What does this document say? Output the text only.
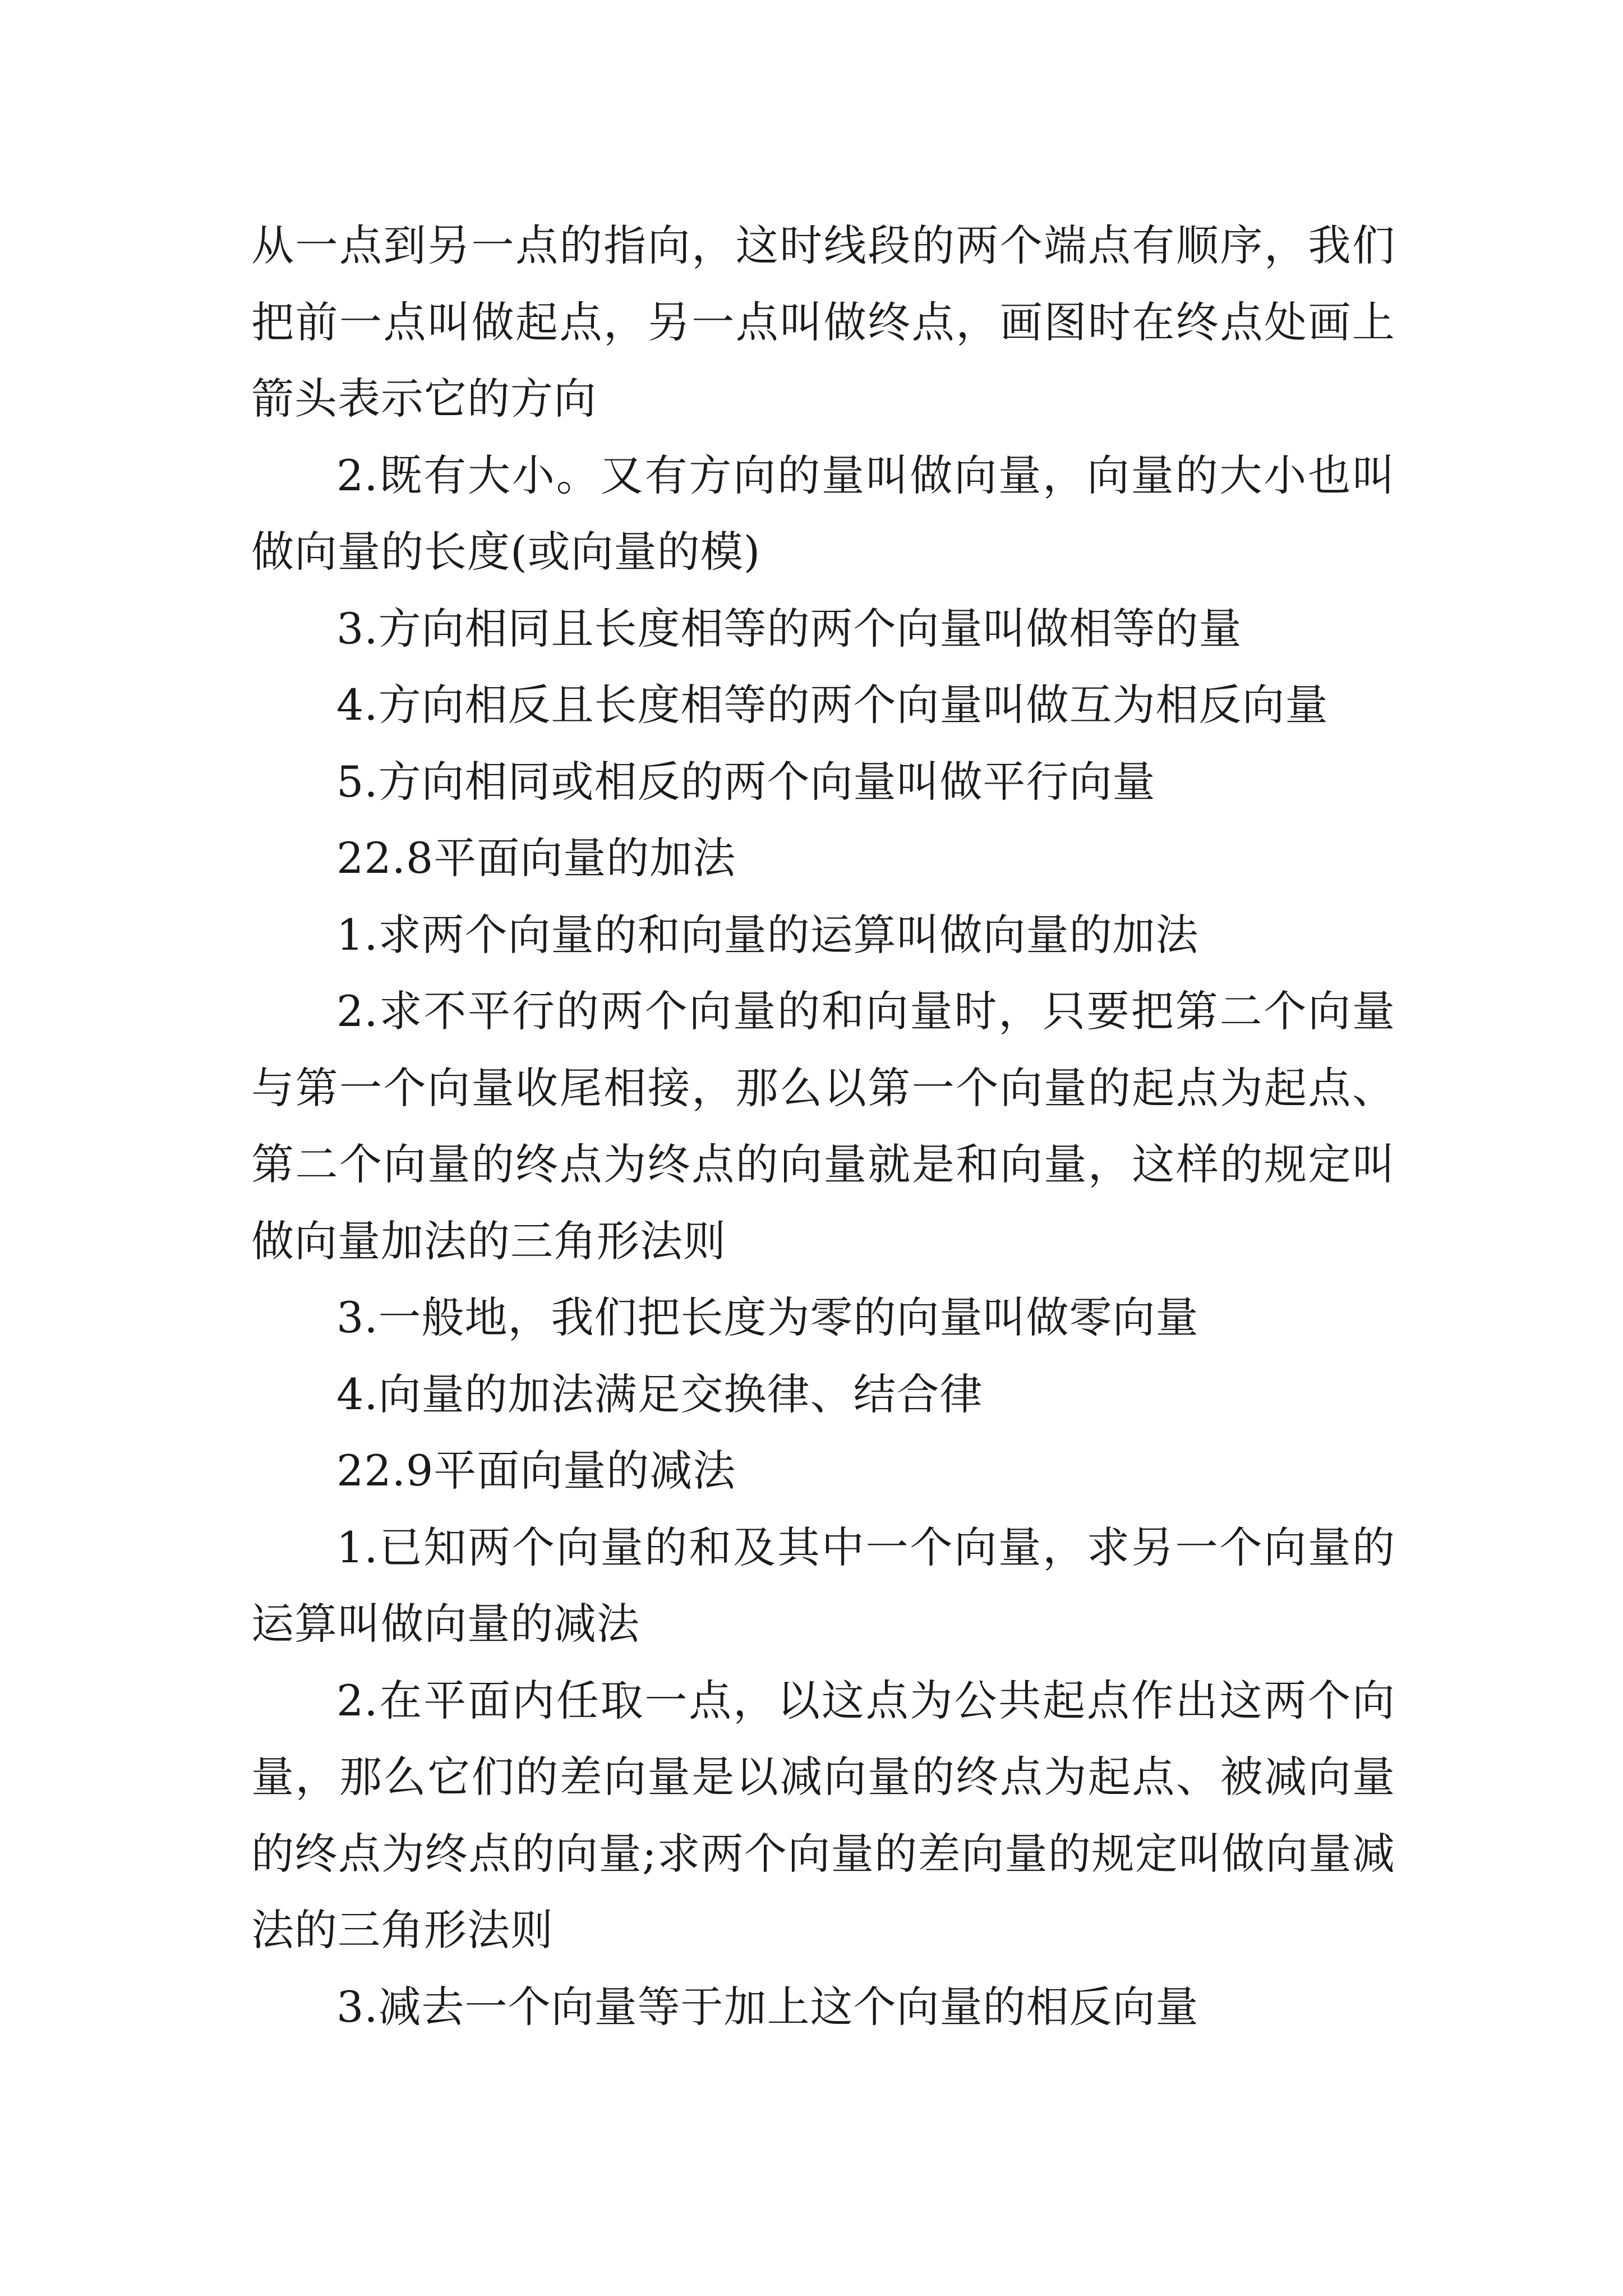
从一点到另一点的指向，这时线段的两个端点有顺序，我们把前一点叫做起点，另一点叫做终点，画图时在终点处画上箭头表示它的方向

2.既有大小。又有方向的量叫做向量，向量的大小也叫做向量的长度(或向量的模)

3.方向相同且长度相等的两个向量叫做相等的量

4.方向相反且长度相等的两个向量叫做互为相反向量

5.方向相同或相反的两个向量叫做平行向量

22.8平面向量的加法

1.求两个向量的和向量的运算叫做向量的加法

2.求不平行的两个向量的和向量时，只要把第二个向量与第一个向量收尾相接，那么以第一个向量的起点为起点、第二个向量的终点为终点的向量就是和向量，这样的规定叫做向量加法的三角形法则

3.一般地，我们把长度为零的向量叫做零向量

4.向量的加法满足交换律、结合律

22.9平面向量的减法

1.已知两个向量的和及其中一个向量，求另一个向量的运算叫做向量的减法

2.在平面内任取一点，以这点为公共起点作出这两个向量，那么它们的差向量是以减向量的终点为起点、被减向量的终点为终点的向量;求两个向量的差向量的规定叫做向量减法的三角形法则

3.减去一个向量等于加上这个向量的相反向量
